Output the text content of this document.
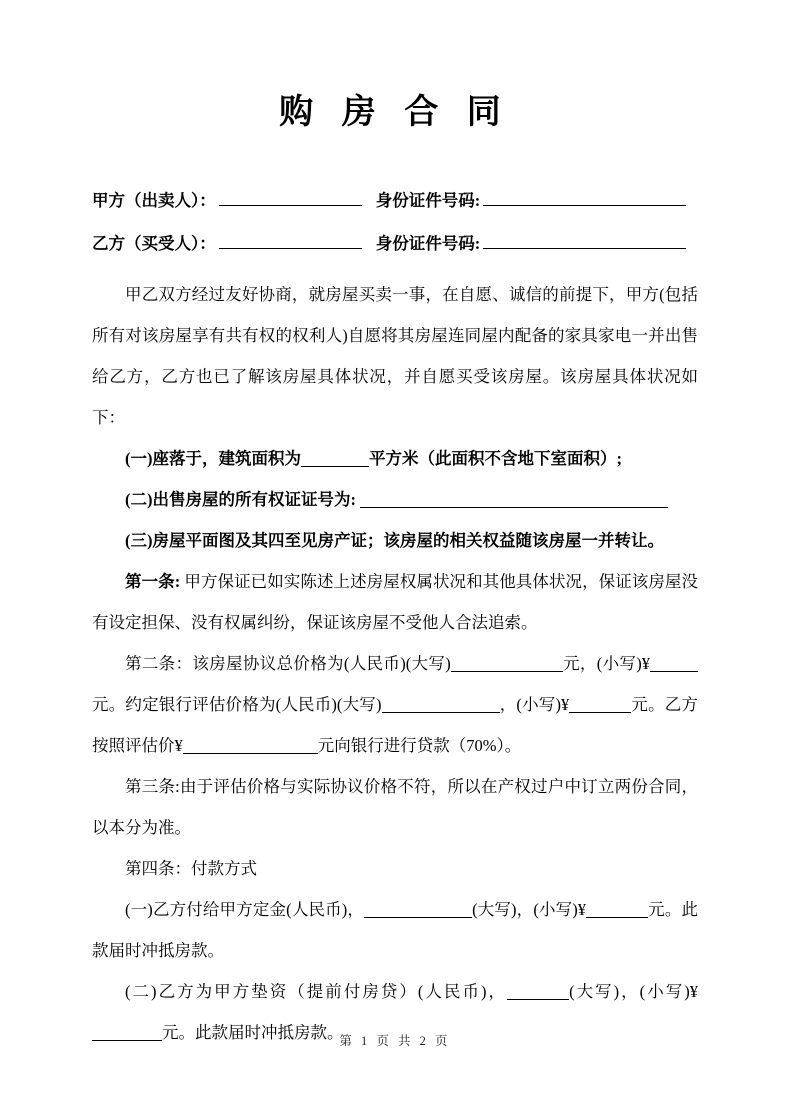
购 房 合 同
甲方（出卖人）：	身份证件号码:
乙方（买受人）：	身份证件号码:

甲乙双方经过友好协商，就房屋买卖一事，在自愿、诚信的前提下，甲方(包括所有对该房屋享有共有权的权利人)自愿将其房屋连同屋内配备的家具家电一并出售给乙方，乙方也已了解该房屋具体状况，并自愿买受该房屋。该房屋具体状况如下：

(一)座落于，建筑面积为	平方米（此面积不含地下室面积）;

(二)出售房屋的所有权证证号为:

(三)房屋平面图及其四至见房产证；该房屋的相关权益随该房屋一并转让。

第一条: 甲方保证已如实陈述上述房屋权属状况和其他具体状况，保证该房屋没有设定担保、没有权属纠纷，保证该房屋不受他人合法追索。

第二条：该房屋协议总价格为(人民币)(大写)	元，(小写)¥元。约定银行评估价格为(人民币)(大写)	，(小写)¥	元。乙方按照评估价¥	元向银行进行贷款（70%）。

第三条:由于评估价格与实际协议价格不符，所以在产权过户中订立两份合同，以本分为准。

第四条：付款方式

(一)乙方付给甲方定金(人民币)，	(大写)，(小写)¥	元。此款届时冲抵房款。

(二)乙方为甲方垫资（提前付房贷）(人民币)，	(大写)，(小写)¥元。此款届时冲抵房款。

第 1 页 共 2 页
